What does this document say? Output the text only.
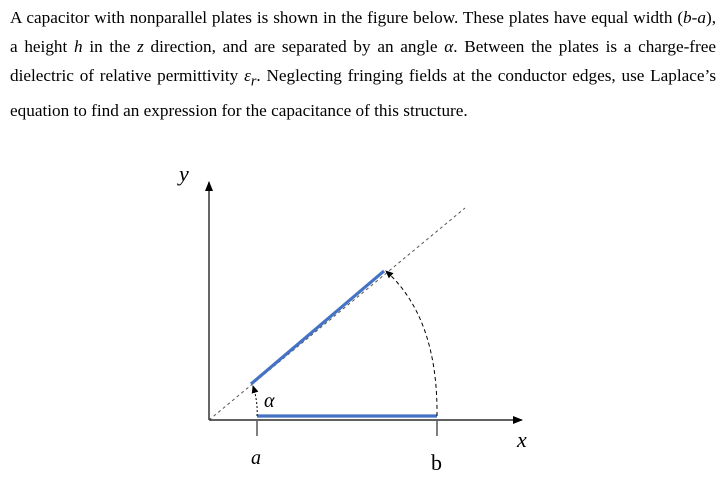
A capacitor with nonparallel plates is shown in the figure below. These plates have equal width (b-a), a height h in the z direction, and are separated by an angle α. Between the plates is a charge-free dielectric of relative permittivity $\varepsilon_r$. Neglecting fringing fields at the conductor edges, use Laplace’s equation to find an expression for the capacitance of this structure.

y
x
α
a	b
